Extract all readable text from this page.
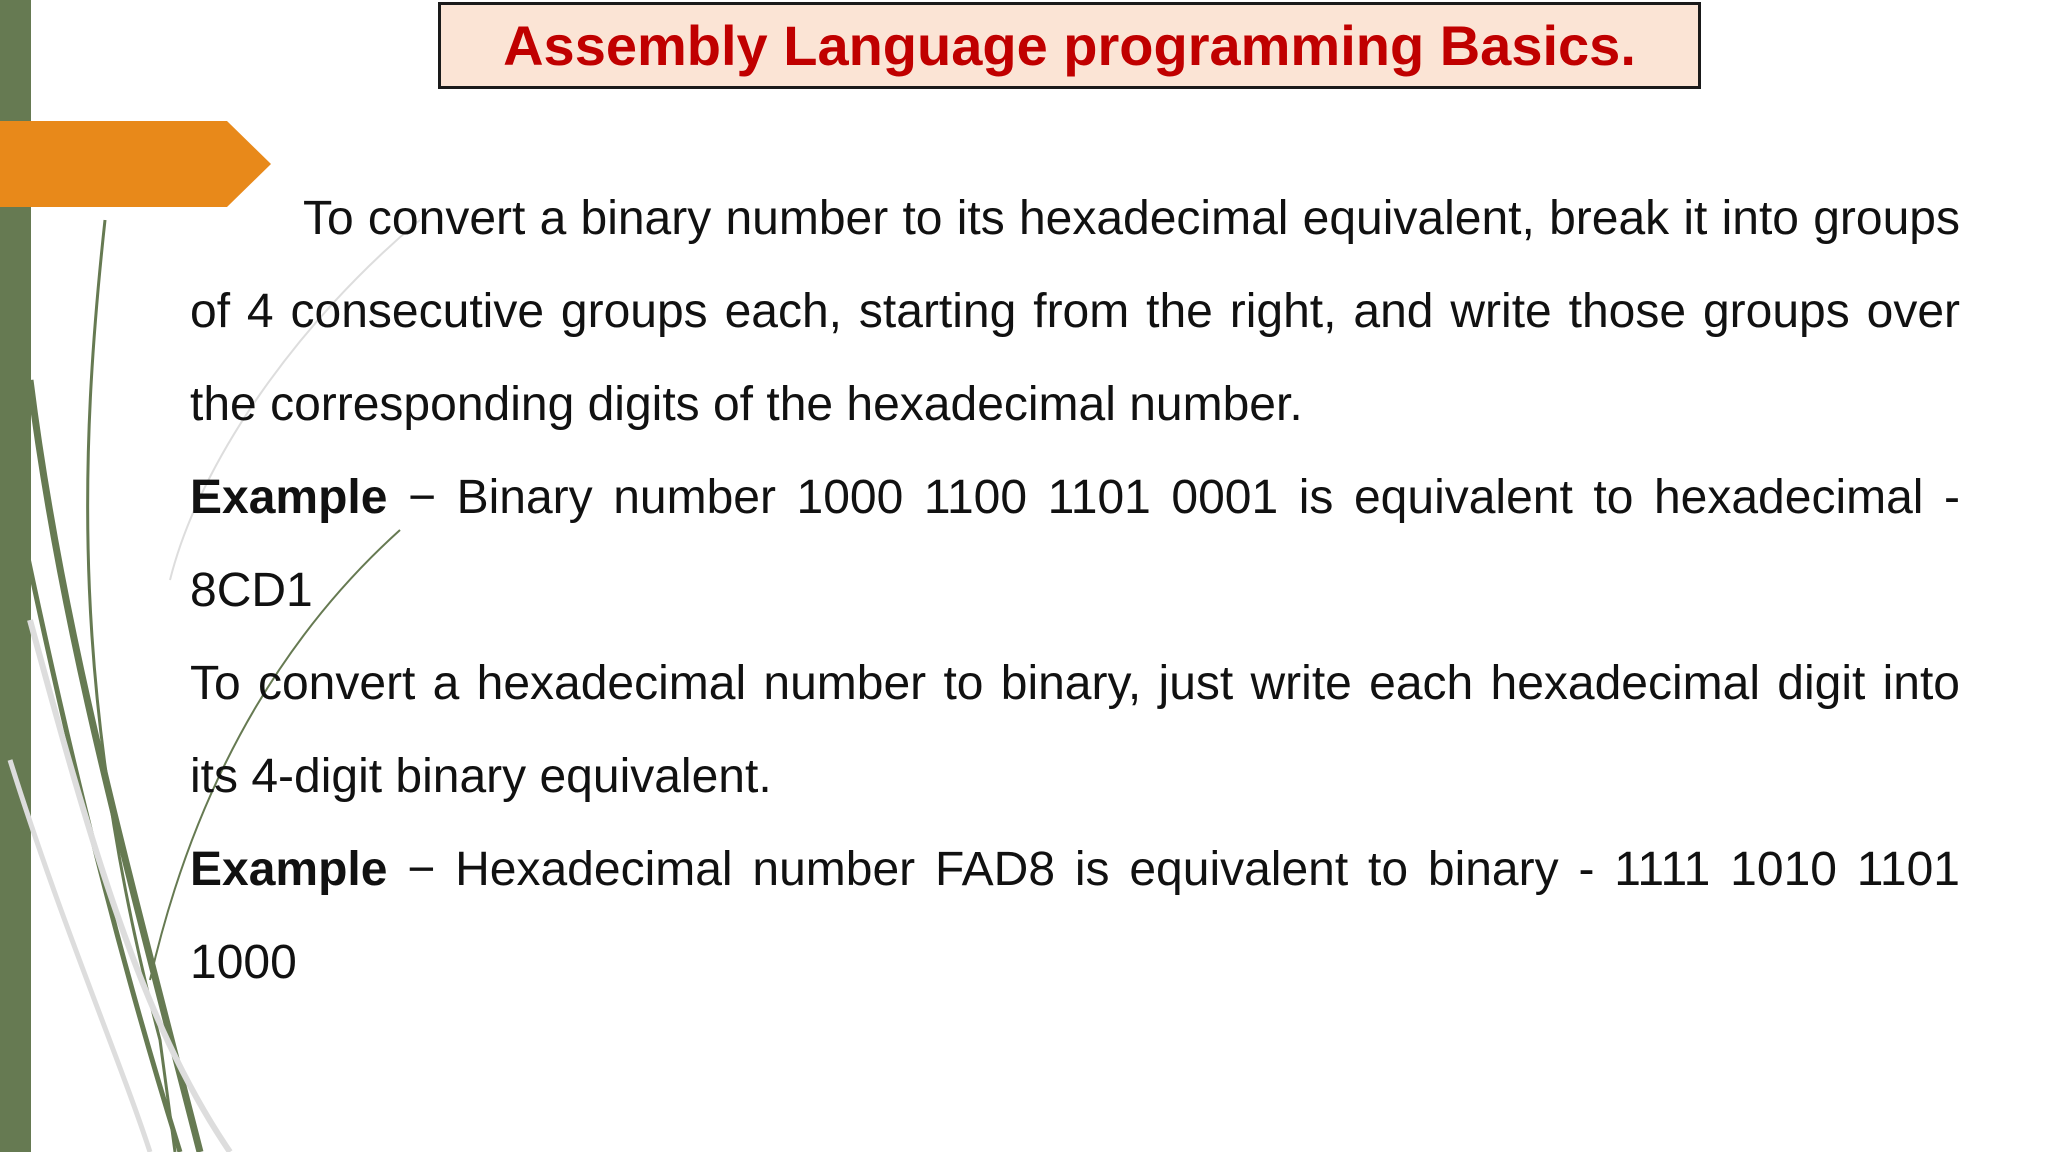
Assembly Language programming Basics.

To convert a binary number to its hexadecimal equivalent, break it into groups of 4 consecutive groups each, starting from the right, and write those groups over the corresponding digits of the hexadecimal number.

Example − Binary number 1000 1100 1101 0001 is equivalent to hexadecimal - 8CD1

To convert a hexadecimal number to binary, just write each hexadecimal digit into its 4-digit binary equivalent.

Example − Hexadecimal number FAD8 is equivalent to binary - 1111 1010 1101 1000
